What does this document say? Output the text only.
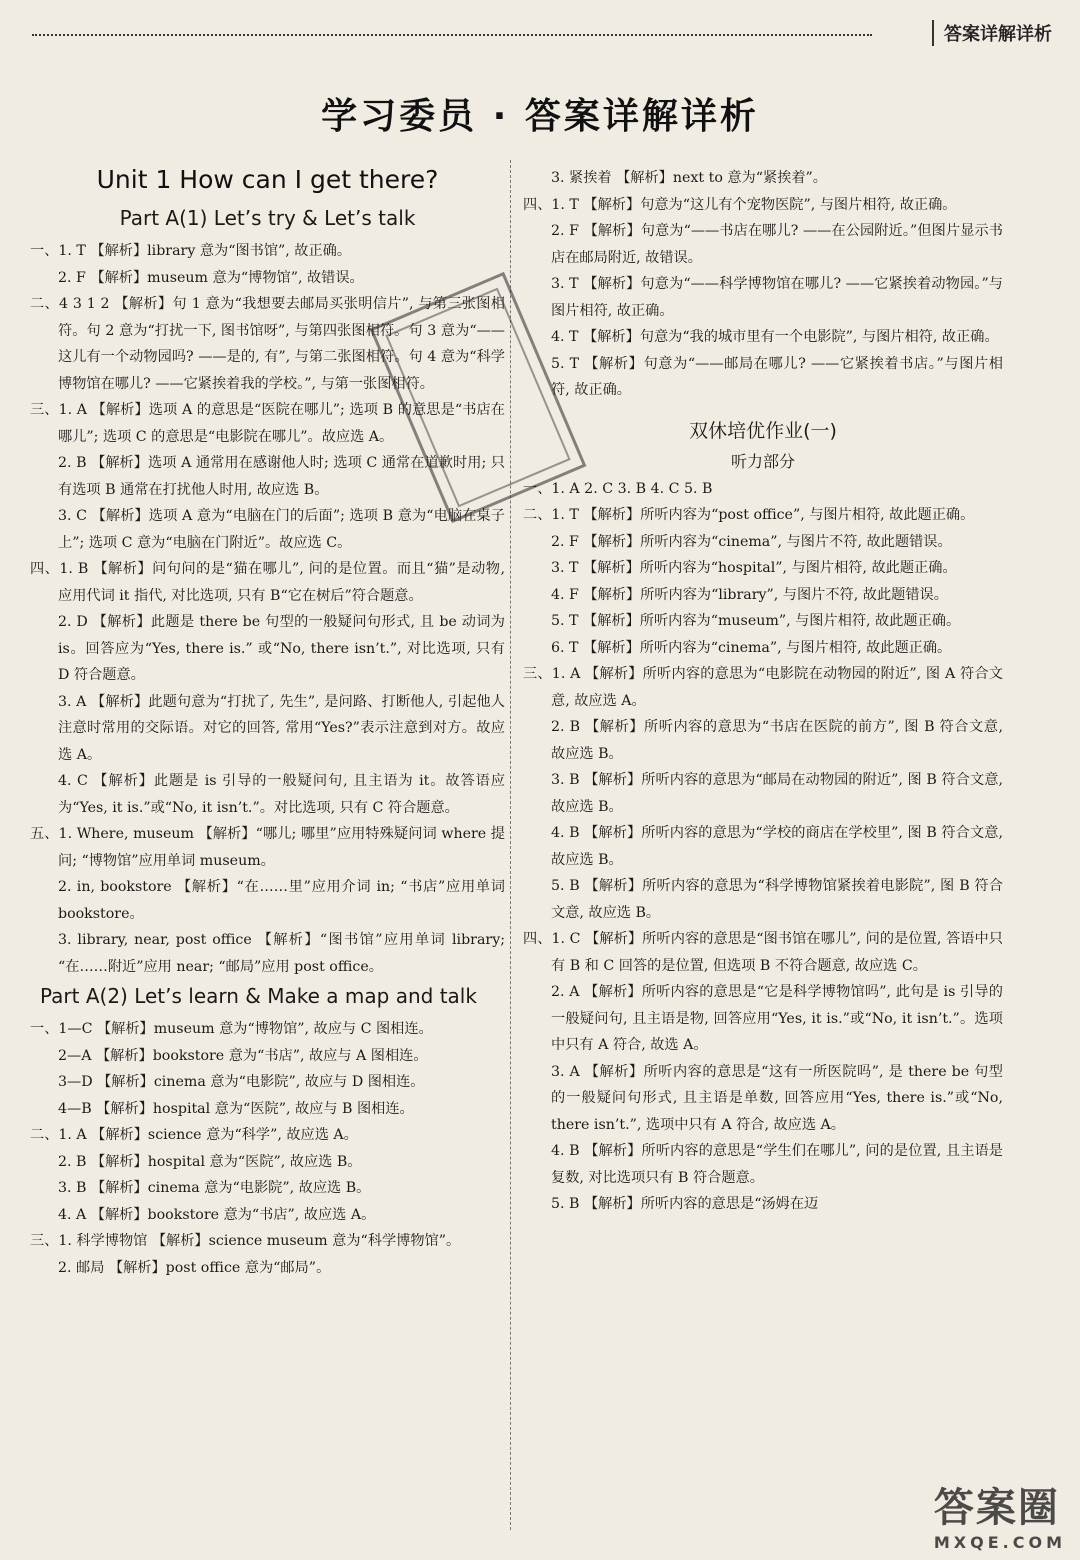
答案详解详析
学习委员 · 答案详解详析
Unit 1 How can I get there?
Part A(1) Let’s try & Let’s talk

一、1. T 【解析】library 意为“图书馆”, 故正确。

2. F 【解析】museum 意为“博物馆”, 故错误。

二、4 3 1 2 【解析】句 1 意为“我想要去邮局买张明信片”, 与第三张图相符。句 2 意为“打扰一下, 图书馆呀”, 与第四张图相符。句 3 意为“——这儿有一个动物园吗? ——是的, 有”, 与第二张图相符。句 4 意为“科学博物馆在哪儿? ——它紧挨着我的学校。”, 与第一张图相符。

三、1. A 【解析】选项 A 的意思是“医院在哪儿”; 选项 B 的意思是“书店在哪儿”; 选项 C 的意思是“电影院在哪儿”。故应选 A。

2. B 【解析】选项 A 通常用在感谢他人时; 选项 C 通常在道歉时用; 只有选项 B 通常在打扰他人时用, 故应选 B。

3. C 【解析】选项 A 意为“电脑在门的后面”; 选项 B 意为“电脑在桌子上”; 选项 C 意为“电脑在门附近”。故应选 C。

四、1. B 【解析】问句问的是“猫在哪儿”, 问的是位置。而且“猫”是动物, 应用代词 it 指代, 对比选项, 只有 B“它在树后”符合题意。

2. D 【解析】此题是 there be 句型的一般疑问句形式, 且 be 动词为 is。回答应为“Yes, there is.” 或“No, there isn’t.”, 对比选项, 只有 D 符合题意。

3. A 【解析】此题句意为“打扰了, 先生”, 是问路、打断他人, 引起他人注意时常用的交际语。对它的回答, 常用“Yes?”表示注意到对方。故应选 A。

4. C 【解析】此题是 is 引导的一般疑问句, 且主语为 it。故答语应为“Yes, it is.”或“No, it isn’t.”。对比选项, 只有 C 符合题意。

五、1. Where, museum 【解析】“哪儿; 哪里”应用特殊疑问词 where 提问; “博物馆”应用单词 museum。

2. in, bookstore 【解析】“在……里”应用介词 in; “书店”应用单词 bookstore。

3. library, near, post office 【解析】“图书馆”应用单词 library; “在……附近”应用 near; “邮局”应用 post office。

Part A(2) Let’s learn & Make a map and talk

一、1—C 【解析】museum 意为“博物馆”, 故应与 C 图相连。

2—A 【解析】bookstore 意为“书店”, 故应与 A 图相连。

3—D 【解析】cinema 意为“电影院”, 故应与 D 图相连。

4—B 【解析】hospital 意为“医院”, 故应与 B 图相连。

二、1. A 【解析】science 意为“科学”, 故应选 A。

2. B 【解析】hospital 意为“医院”, 故应选 B。

3. B 【解析】cinema 意为“电影院”, 故应选 B。

4. A 【解析】bookstore 意为“书店”, 故应选 A。

三、1. 科学博物馆 【解析】science museum 意为“科学博物馆”。

2. 邮局 【解析】post office 意为“邮局”。

3. 紧挨着 【解析】next to 意为“紧挨着”。

四、1. T 【解析】句意为“这儿有个宠物医院”, 与图片相符, 故正确。

2. F 【解析】句意为“——书店在哪儿? ——在公园附近。”但图片显示书店在邮局附近, 故错误。

3. T 【解析】句意为“——科学博物馆在哪儿? ——它紧挨着动物园。”与图片相符, 故正确。

4. T 【解析】句意为“我的城市里有一个电影院”, 与图片相符, 故正确。

5. T 【解析】句意为“——邮局在哪儿? ——它紧挨着书店。”与图片相符, 故正确。

双休培优作业(一)
听力部分

一、1. A 2. C 3. B 4. C 5. B

二、1. T 【解析】所听内容为“post office”, 与图片相符, 故此题正确。

2. F 【解析】所听内容为“cinema”, 与图片不符, 故此题错误。

3. T 【解析】所听内容为“hospital”, 与图片相符, 故此题正确。

4. F 【解析】所听内容为“library”, 与图片不符, 故此题错误。

5. T 【解析】所听内容为“museum”, 与图片相符, 故此题正确。

6. T 【解析】所听内容为“cinema”, 与图片相符, 故此题正确。

三、1. A 【解析】所听内容的意思为“电影院在动物园的附近”, 图 A 符合文意, 故应选 A。

2. B 【解析】所听内容的意思为“书店在医院的前方”, 图 B 符合文意, 故应选 B。

3. B 【解析】所听内容的意思为“邮局在动物园的附近”, 图 B 符合文意, 故应选 B。

4. B 【解析】所听内容的意思为“学校的商店在学校里”, 图 B 符合文意, 故应选 B。

5. B 【解析】所听内容的意思为“科学博物馆紧挨着电影院”, 图 B 符合文意, 故应选 B。

四、1. C 【解析】所听内容的意思是“图书馆在哪儿”, 问的是位置, 答语中只有 B 和 C 回答的是位置, 但选项 B 不符合题意, 故应选 C。

2. A 【解析】所听内容的意思是“它是科学博物馆吗”, 此句是 is 引导的一般疑问句, 且主语是物, 回答应用“Yes, it is.”或“No, it isn’t.”。选项中只有 A 符合, 故选 A。

3. A 【解析】所听内容的意思是“这有一所医院吗”, 是 there be 句型的一般疑问句形式, 且主语是单数, 回答应用“Yes, there is.”或“No, there isn’t.”, 选项中只有 A 符合, 故应选 A。

4. B 【解析】所听内容的意思是“学生们在哪儿”, 问的是位置, 且主语是复数, 对比选项只有 B 符合题意。

5. B 【解析】所听内容的意思是“汤姆在迈

答案圈
MXQE.COM
